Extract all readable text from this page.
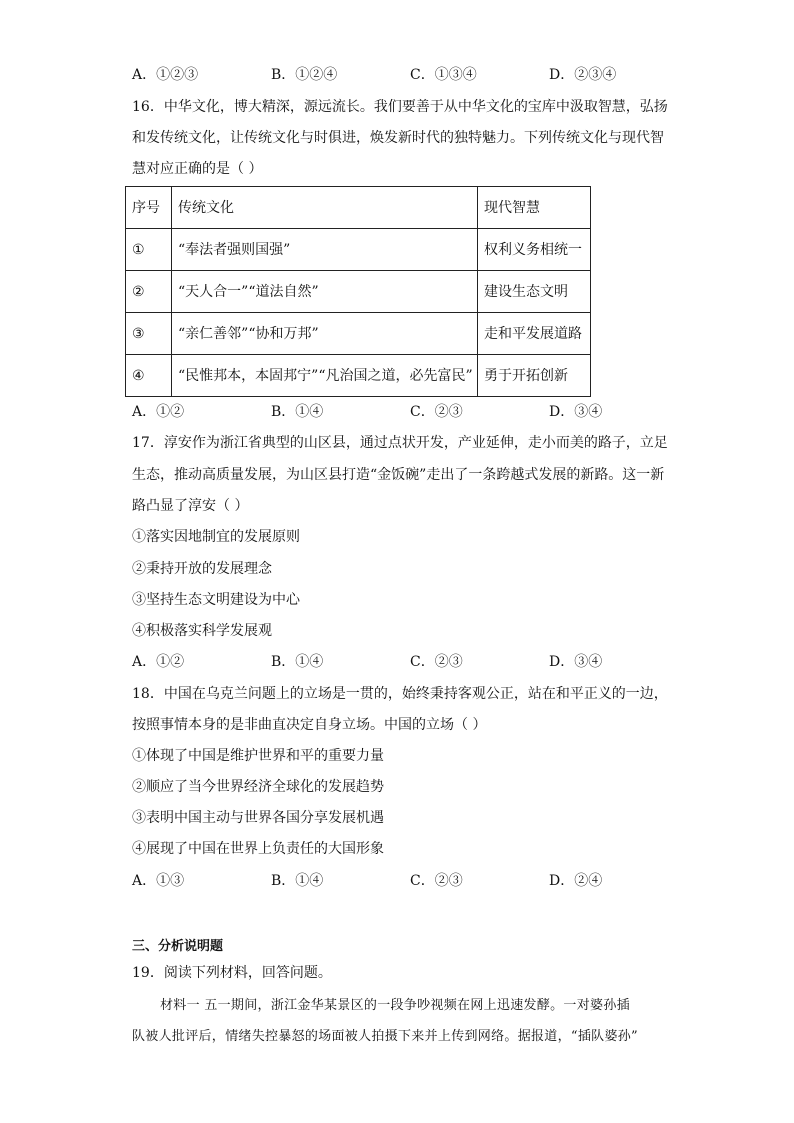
A．①②③	B．①②④	C．①③④	D．②③④
16．中华文化，博大精深，源远流长。我们要善于从中华文化的宝库中汲取智慧，弘扬
和发传统文化，让传统文化与时俱进，焕发新时代的独特魅力。下列传统文化与现代智
慧对应正确的是（ ）
序号	传统文化	现代智慧
①	“奉法者强则国强”	权利义务相统一
②	“天人合一”“道法自然”	建设生态文明
③	“亲仁善邻”“协和万邦”	走和平发展道路
④	“民惟邦本，本固邦宁”“凡治国之道，必先富民”	勇于开拓创新
A．①②	B．①④	C．②③	D．③④
17．淳安作为浙江省典型的山区县，通过点状开发，产业延伸，走小而美的路子，立足
生态，推动高质量发展，为山区县打造“金饭碗”走出了一条跨越式发展的新路。这一新
路凸显了淳安（ ）
①落实因地制宜的发展原则
②秉持开放的发展理念
③坚持生态文明建设为中心
④积极落实科学发展观
A．①②	B．①④	C．②③	D．③④
18．中国在乌克兰问题上的立场是一贯的，始终秉持客观公正，站在和平正义的一边，
按照事情本身的是非曲直决定自身立场。中国的立场（ ）
①体现了中国是维护世界和平的重要力量
②顺应了当今世界经济全球化的发展趋势
③表明中国主动与世界各国分享发展机遇
④展现了中国在世界上负责任的大国形象
A．①③	B．①④	C．②③	D．②④
三、分析说明题
19．阅读下列材料，回答问题。
材料一 五一期间，浙江金华某景区的一段争吵视频在网上迅速发酵。一对婆孙插
队被人批评后，情绪失控暴怒的场面被人拍摄下来并上传到网络。据报道，“插队婆孙”
